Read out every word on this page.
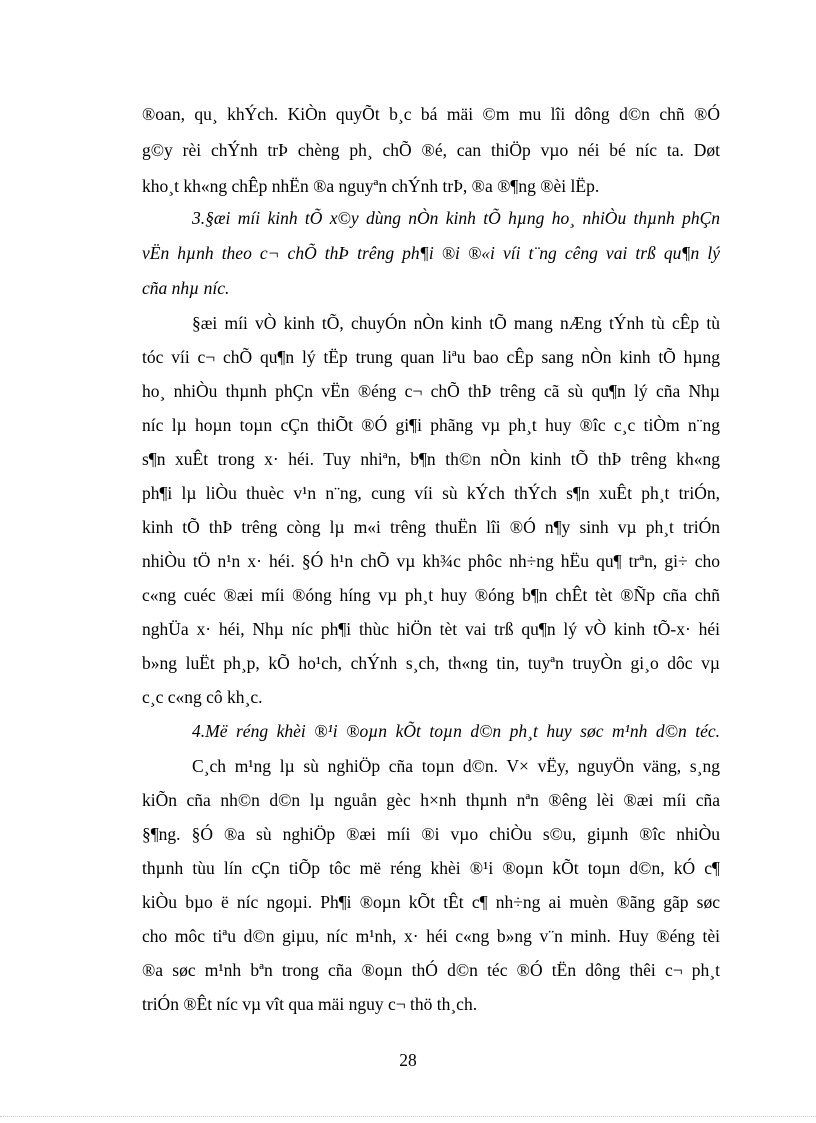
®oan, qu¸ khÝch. KiÒn quyÕt b¸c bá mäi ©m mu lîi dông d©n chñ ®Ó
g©y rèi chÝnh trÞ chèng ph¸ chÕ ®é, can thiÖp vµo néi bé níc ta. Døt
kho¸t kh«ng chÊp nhËn ®a nguyªn chÝnh trÞ, ®a ®¶ng ®èi lËp.
3.§æi míi kinh tÕ x©y dùng nÒn kinh tÕ hµng ho¸ nhiÒu thµnh phÇn
vËn hµnh theo c¬ chÕ thÞ trêng ph¶i ®i ®«i víi t¨ng cêng vai trß qu¶n lý
cña nhµ níc.
§æi míi vÒ kinh tÕ, chuyÓn nÒn kinh tÕ mang nÆng tÝnh tù cÊp tù
tóc víi c¬ chÕ qu¶n lý tËp trung quan liªu bao cÊp sang nÒn kinh tÕ hµng
ho¸ nhiÒu thµnh phÇn vËn ®éng c¬ chÕ thÞ trêng cã sù qu¶n lý cña Nhµ
níc lµ hoµn toµn cÇn thiÕt ®Ó gi¶i phãng vµ ph¸t huy ®îc c¸c tiÒm n¨ng
s¶n xuÊt trong x· héi. Tuy nhiªn, b¶n th©n nÒn kinh tÕ thÞ trêng kh«ng
ph¶i lµ liÒu thuèc v¹n n¨ng, cung víi sù kÝch thÝch s¶n xuÊt ph¸t triÓn,
kinh tÕ thÞ trêng còng lµ m«i trêng thuËn lîi ®Ó n¶y sinh vµ ph¸t triÓn
nhiÒu tÖ n¹n x· héi. §Ó h¹n chÕ vµ kh¾c phôc nh÷ng hËu qu¶ trªn, gi÷ cho
c«ng cuéc ®æi míi ®óng híng vµ ph¸t huy ®óng b¶n chÊt tèt ®Ñp cña chñ
nghÜa x· héi, Nhµ níc ph¶i thùc hiÖn tèt vai trß qu¶n lý vÒ kinh tÕ-x· héi
b»ng luËt ph¸p, kÕ ho¹ch, chÝnh s¸ch, th«ng tin, tuyªn truyÒn gi¸o dôc vµ
c¸c c«ng cô kh¸c.
4.Më réng khèi ®¹i ®oµn kÕt toµn d©n ph¸t huy søc m¹nh d©n téc.
C¸ch m¹ng lµ sù nghiÖp cña toµn d©n. V× vËy, nguyÖn väng, s¸ng
kiÕn cña nh©n d©n lµ nguån gèc h×nh thµnh nªn ®êng lèi ®æi míi cña
§¶ng. §Ó ®a sù nghiÖp ®æi míi ®i vµo chiÒu s©u, giµnh ®îc nhiÒu
thµnh tùu lín cÇn tiÕp tôc më réng khèi ®¹i ®oµn kÕt toµn d©n, kÓ c¶
kiÒu bµo ë níc ngoµi. Ph¶i ®oµn kÕt tÊt c¶ nh÷ng ai muèn ®ãng gãp søc
cho môc tiªu d©n giµu, níc m¹nh, x· héi c«ng b»ng v¨n minh. Huy ®éng tèi
®a søc m¹nh bªn trong cña ®oµn thÓ d©n téc ®Ó tËn dông thêi c¬ ph¸t
triÓn ®Êt níc vµ vît qua mäi nguy c¬ thö th¸ch.
28
